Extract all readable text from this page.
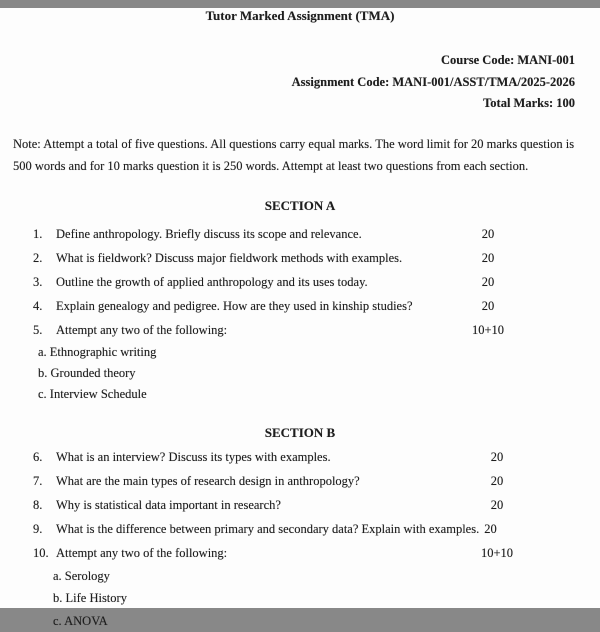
Tutor Marked Assignment (TMA)
Course Code: MANI-001
Assignment Code: MANI-001/ASST/TMA/2025-2026
Total Marks: 100

Note: Attempt a total of five questions. All questions carry equal marks. The word limit for 20 marks question is 500 words and for 10 marks question it is 250 words. Attempt at least two questions from each section.

SECTION A
1.	Define anthropology. Briefly discuss its scope and relevance.	20
2.	What is fieldwork? Discuss major fieldwork methods with examples.	20
3.	Outline the growth of applied anthropology and its uses today.	20
4.	Explain genealogy and pedigree. How are they used in kinship studies?	20
5.	Attempt any two of the following:	10+10
a. Ethnographic writing
b. Grounded theory
c. Interview Schedule
SECTION B
6.	What is an interview? Discuss its types with examples.	20
7.	What are the main types of research design in anthropology?	20
8.	Why is statistical data important in research?	20
9. What is the difference between primary and secondary data? Explain with examples. 20
10. Attempt any two of the following:	10+10
a. Serology
b. Life History
c. ANOVA
